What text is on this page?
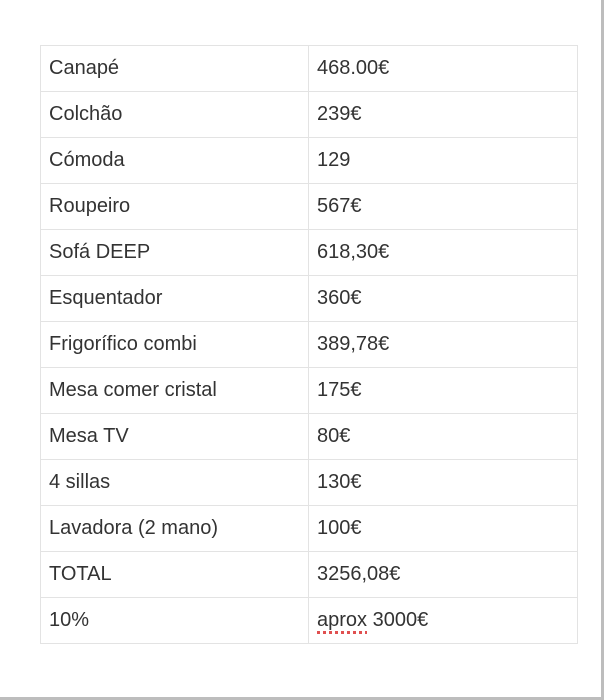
Canapé	468.00€
Colchão	239€
Cómoda	129
Roupeiro	567€
Sofá DEEP	618,30€
Esquentador	360€
Frigorífico combi	389,78€
Mesa comer cristal	175€
Mesa TV	80€
4 sillas	130€
Lavadora (2 mano)	100€
TOTAL	3256,08€
10%	aprox 3000€
